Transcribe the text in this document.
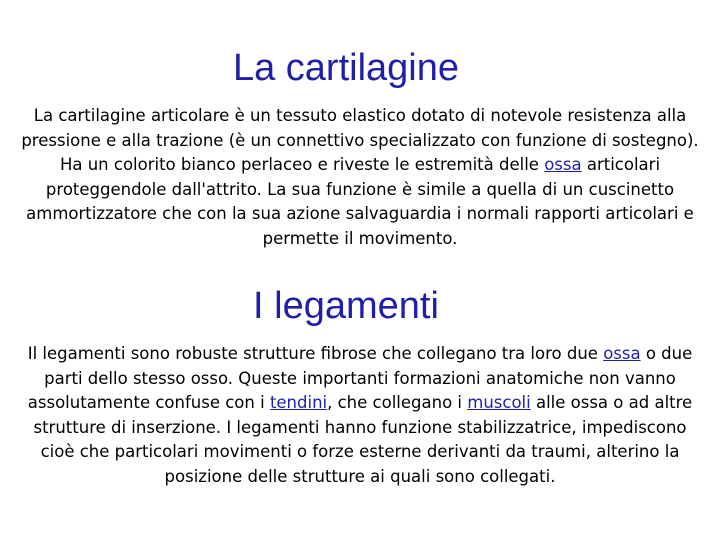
La cartilagine

La cartilagine articolare è un tessuto elastico dotato di notevole resistenza alla pressione e alla trazione (è un connettivo specializzato con funzione di sostegno). Ha un colorito bianco perlaceo e riveste le estremità delle ossa articolari proteggendole dall'attrito. La sua funzione è simile a quella di un cuscinetto ammortizzatore che con la sua azione salvaguardia i normali rapporti articolari e permette il movimento.

I legamenti

Il legamenti sono robuste strutture fibrose che collegano tra loro due ossa o due parti dello stesso osso. Queste importanti formazioni anatomiche non vanno assolutamente confuse con i tendini, che collegano i muscoli alle ossa o ad altre strutture di inserzione. I legamenti hanno funzione stabilizzatrice, impediscono cioè che particolari movimenti o forze esterne derivanti da traumi, alterino la posizione delle strutture ai quali sono collegati.
